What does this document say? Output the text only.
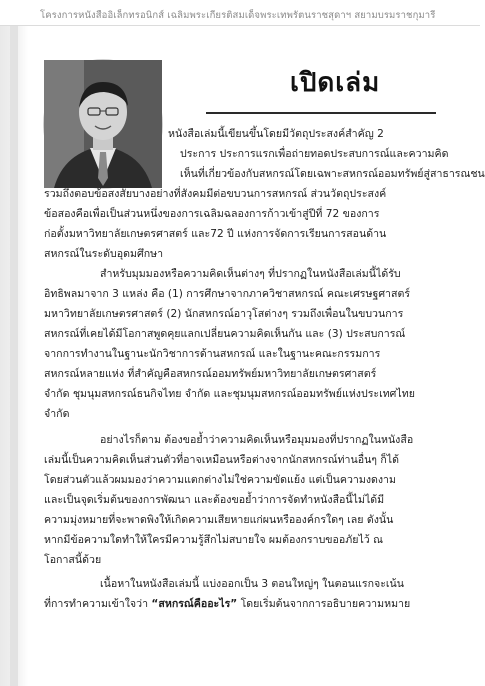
โครงการหนังสืออิเล็กทรอนิกส์ เฉลิมพระเกียรติสมเด็จพระเทพรัตนราชสุดาฯ สยามบรมราชกุมารี
เปิดเล่ม
หนังสือเล่มนี้เขียนขึ้นโดยมีวัตถุประสงค์สำคัญ 2
ประการ ประการแรกเพื่อถ่ายทอดประสบการณ์และความคิด
เห็นที่เกี่ยวข้องกับสหกรณ์โดยเฉพาะสหกรณ์ออมทรัพย์สู่สาธารณชน
รวมถึงตอบข้อสงสัยบางอย่างที่สังคมมีต่อขบวนการสหกรณ์ ส่วนวัตถุประสงค์
ข้อสองคือเพื่อเป็นส่วนหนึ่งของการเฉลิมฉลองการก้าวเข้าสู่ปีที่ 72 ของการ
ก่อตั้งมหาวิทยาลัยเกษตรศาสตร์ และ72 ปี แห่งการจัดการเรียนการสอนด้าน
สหกรณ์ในระดับอุดมศึกษา
สำหรับมุมมองหรือความคิดเห็นต่างๆ ที่ปรากฏในหนังสือเล่มนี้ได้รับ
อิทธิพลมาจาก 3 แหล่ง คือ (1) การศึกษาจากภาควิชาสหกรณ์ คณะเศรษฐศาสตร์
มหาวิทยาลัยเกษตรศาสตร์ (2) นักสหกรณ์อาวุโสต่างๆ รวมถึงเพื่อนในขบวนการ
สหกรณ์ที่เคยได้มีโอกาสพูดคุยแลกเปลี่ยนความคิดเห็นกัน และ (3) ประสบการณ์
จากการทำงานในฐานะนักวิชาการด้านสหกรณ์ และในฐานะคณะกรรมการ
สหกรณ์หลายแห่ง ที่สำคัญคือสหกรณ์ออมทรัพย์มหาวิทยาลัยเกษตรศาสตร์
จำกัด ชุมนุมสหกรณ์ธนกิจไทย จำกัด และชุมนุมสหกรณ์ออมทรัพย์แห่งประเทศไทย
จำกัด
อย่างไรก็ตาม ต้องขอย้ำว่าความคิดเห็นหรือมุมมองที่ปรากฏในหนังสือ
เล่มนี้เป็นความคิดเห็นส่วนตัวที่อาจเหมือนหรือต่างจากนักสหกรณ์ท่านอื่นๆ ก็ได้
โดยส่วนตัวแล้วผมมองว่าความแตกต่างไม่ใช่ความขัดแย้ง แต่เป็นความงดงาม
และเป็นจุดเริ่มต้นของการพัฒนา และต้องขอย้ำว่าการจัดทำหนังสือนี้ไม่ได้มี
ความมุ่งหมายที่จะพาดพิงให้เกิดความเสียหายแก่ผนหรือองค์กรใดๆ เลย ดังนั้น
หากมีข้อความใดทำให้ใครมีความรู้สึกไม่สบายใจ ผมต้องกราบขออภัยไว้ ณ
โอกาสนี้ด้วย
เนื้อหาในหนังสือเล่มนี้ แบ่งออกเป็น 3 ตอนใหญ่ๆ ในตอนแรกจะเน้น
ที่การทำความเข้าใจว่า “สหกรณ์คืออะไร” โดยเริ่มต้นจากการอธิบายความหมาย
